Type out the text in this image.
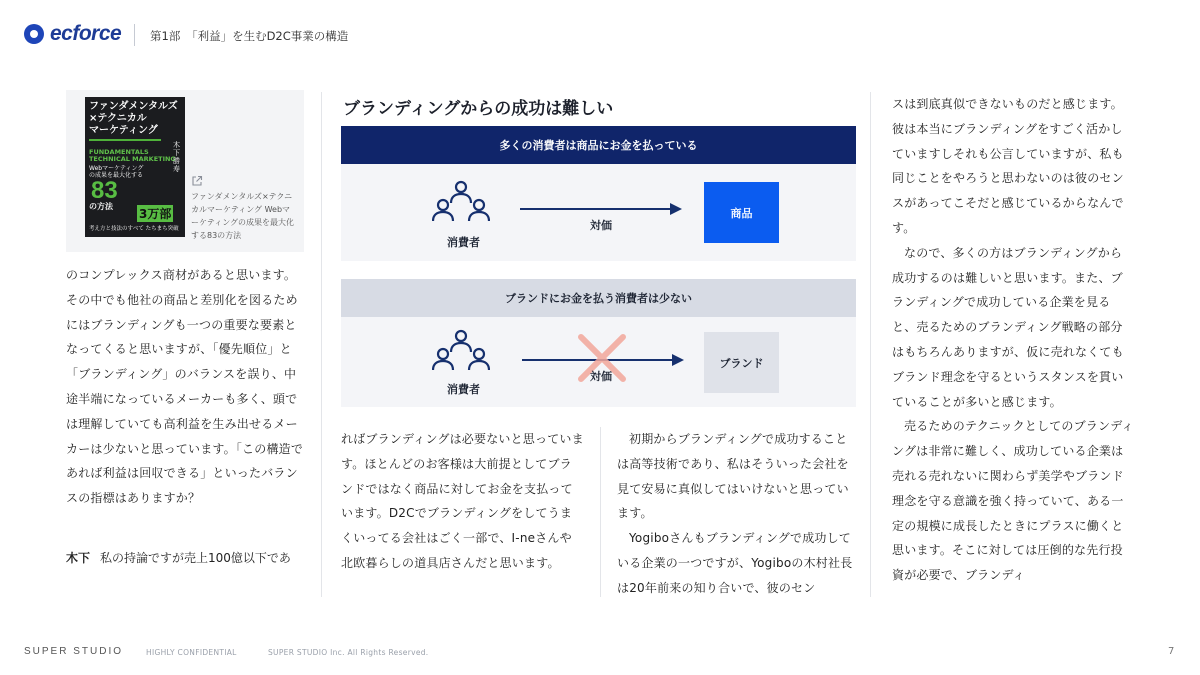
ecforce	第1部　「利益」を生むD2C事業の構造
ファンダメンタルズ
×テクニカル
マーケティング
FUNDAMENTALS
TECHNICAL MARKETING
Webマーケティング
の成果を最大化する
83
の方法
3万部
木下勝寿
考え方と技法のすべて たちまち突破
ファンダメンタルズ×テクニカルマーケティング Webマーケティングの成果を最大化する83の方法
のコンプレックス商材があると思います。その中でも他社の商品と差別化を図るためにはブランディングも一つの重要な要素となってくると思いますが、「優先順位」と「ブランディング」のバランスを誤り、中途半端になっているメーカーも多く、頭では理解していても高利益を生み出せるメーカーは少ないと思っています。「この構造であれば利益は回収できる」といったバランスの指標はありますか？
木下 私の持論ですが売上100億以下であ
ブランディングからの成功は難しい
多くの消費者は商品にお金を払っている
消費者
対価
商品
ブランドにお金を払う消費者は少ない
消費者
対価
ブランド
ればブランディングは必要ないと思っています。ほとんどのお客様は大前提としてブランドではなく商品に対してお金を支払っています。D2Cでブランディングをしてうまくいってる会社はごく一部で、I-neさんや北欧暮らしの道具店さんだと思います。

初期からブランディングで成功することは高等技術であり、私はそういった会社を見て安易に真似してはいけないと思っています。

Yogiboさんもブランディングで成功している企業の一つですが、Yogiboの木村社長は20年前来の知り合いで、彼のセン

スは到底真似できないものだと感じます。彼は本当にブランディングをすごく活かしていますしそれも公言していますが、私も同じことをやろうと思わないのは彼のセンスがあってこそだと感じているからなんです。

なので、多くの方はブランディングから成功するのは難しいと思います。また、ブランディングで成功している企業を見ると、売るためのブランディング戦略の部分はもちろんありますが、仮に売れなくてもブランド理念を守るというスタンスを貫いていることが多いと感じます。

売るためのテクニックとしてのブランディングは非常に難しく、成功している企業は売れる売れないに関わらず美学やブランド理念を守る意識を強く持っていて、ある一定の規模に成長したときにプラスに働くと思います。そこに対しては圧倒的な先行投資が必要で、ブランディ

SUPER STUDIO	HIGHLY CONFIDENTIAL	SUPER STUDIO Inc. All Rights Reserved.	7
